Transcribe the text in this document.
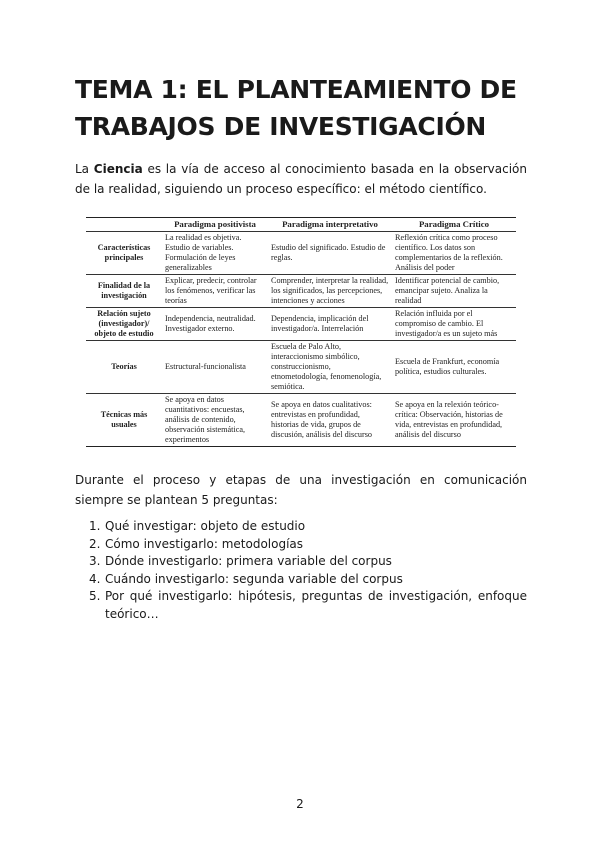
TEMA 1: EL PLANTEAMIENTO DE TRABAJOS DE INVESTIGACIÓN

La Ciencia es la vía de acceso al conocimiento basada en la observación de la realidad, siguiendo un proceso específico: el método científico.

	Paradigma positivista	Paradigma interpretativo	Paradigma Crítico
Características principales	La realidad es objetiva. Estudio de variables. Formulación de leyes generalizables	Estudio del significado. Estudio de reglas.	Reflexión crítica como proceso científico. Los datos son complementarios de la reflexión. Análisis del poder
Finalidad de la investigación	Explicar, predecir, controlar los fenómenos, verificar las teorías	Comprender, interpretar la realidad, los significados, las percepciones, intenciones y acciones	Identificar potencial de cambio, emancipar sujeto. Analiza la realidad
Relación sujeto (investigador)/ objeto de estudio	Independencia, neutralidad. Investigador externo.	Dependencia, implicación del investigador/a. Interrelación	Relación influida por el compromiso de cambio. El investigador/a es un sujeto más
Teorías	Estructural-funcionalista	Escuela de Palo Alto, interaccionismo simbólico, construccionismo, etnometodología, fenomenología, semiótica.	Escuela de Frankfurt, economía política, estudios culturales.
Técnicas más usuales	Se apoya en datos cuantitativos: encuestas, análisis de contenido, observación sistemática, experimentos	Se apoya en datos cualitativos: entrevistas en profundidad, historias de vida, grupos de discusión, análisis del discurso	Se apoya en la relexión teórico-crítica: Observación, historias de vida, entrevistas en profundidad, análisis del discurso

Durante el proceso y etapas de una investigación en comunicación siempre se plantean 5 preguntas:

1. Qué investigar: objeto de estudio
2. Cómo investigarlo: metodologías
3. Dónde investigarlo: primera variable del corpus
4. Cuándo investigarlo: segunda variable del corpus
5. Por qué investigarlo: hipótesis, preguntas de investigación, enfoque teórico…
2
